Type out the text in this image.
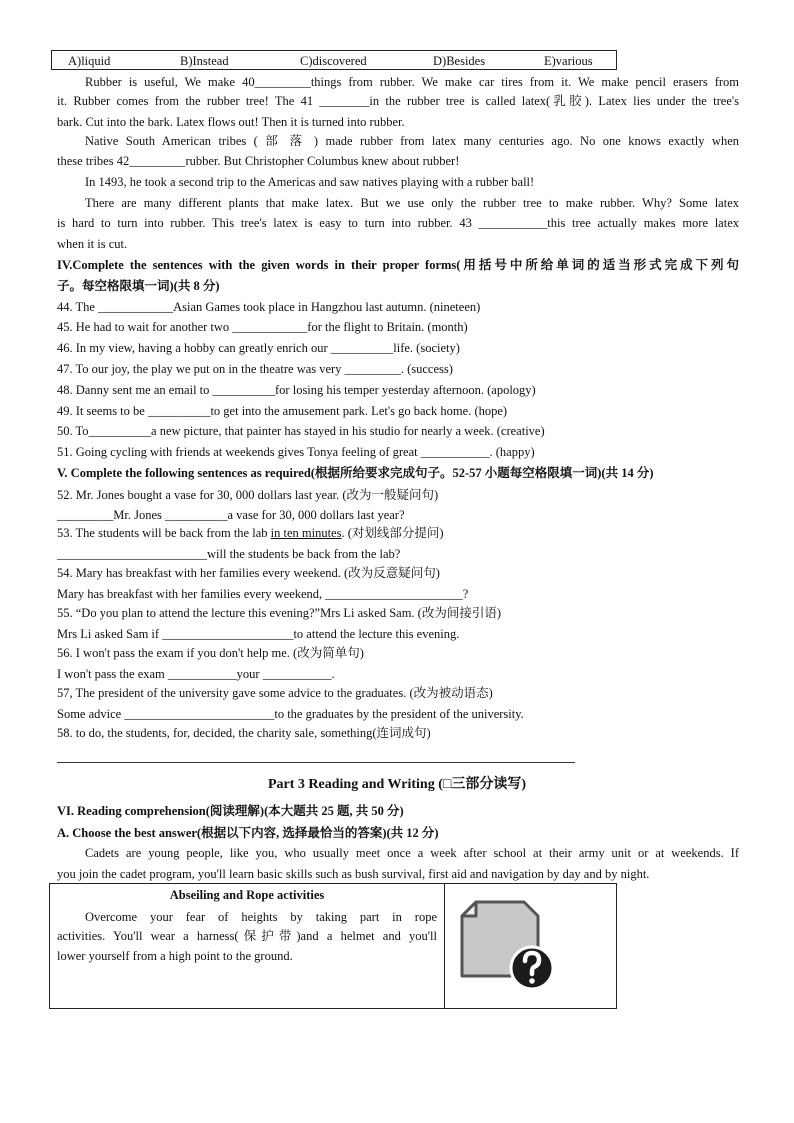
A)liquid	B)Instead	C)discovered	D)Besides	E)various
Rubber is useful, We make 40_________things from rubber. We make car tires from it. We make pencil erasers from
it. Rubber comes from the rubber tree! The 41 ________in the rubber tree is called latex(乳胶). Latex lies under the tree's
bark. Cut into the bark. Latex flows out! Then it is turned into rubber.
Native South American tribes ( 部 落 ) made rubber from latex many centuries ago. No one knows exactly when
these tribes 42_________rubber. But Christopher Columbus knew about rubber!
In 1493, he took a second trip to the Americas and saw natives playing with a rubber ball!
There are many different plants that make latex. But we use only the rubber tree to make rubber. Why? Some latex
is hard to turn into rubber. This tree's latex is easy to turn into rubber. 43 ___________this tree actually makes more latex
when it is cut.
IV.Complete the sentences with the given words in their proper forms(用括号中所给单词的适当形式完成下列句
子。每空格限填一词)(共 8 分)
44. The ____________Asian Games took place in Hangzhou last autumn. (nineteen)
45. He had to wait for another two ____________for the flight to Britain. (month)
46. In my view, having a hobby can greatly enrich our __________life. (society)
47. To our joy, the play we put on in the theatre was very _________. (success)
48. Danny sent me an email to __________for losing his temper yesterday afternoon. (apology)
49. It seems to be __________to get into the amusement park. Let's go back home. (hope)
50. To__________a new picture, that painter has stayed in his studio for nearly a week. (creative)
51. Going cycling with friends at weekends gives Tonya feeling of great ___________. (happy)
V. Complete the following sentences as required(根据所给要求完成句子。52-57 小题每空格限填一词)(共 14 分)
52. Mr. Jones bought a vase for 30, 000 dollars last year. (改为一般疑问句)
_________Mr. Jones __________a vase for 30, 000 dollars last year?
53. The students will be back from the lab in ten minutes. (对划线部分提问)
________________________will the students be back from the lab?
54. Mary has breakfast with her families every weekend. (改为反意疑问句)
Mary has breakfast with her families every weekend, ______________________?
55. “Do you plan to attend the lecture this evening?”Mrs Li asked Sam. (改为间接引语)
Mrs Li asked Sam if _____________________to attend the lecture this evening.
56. I won't pass the exam if you don't help me. (改为简单句)
I won't pass the exam ___________your ___________.
57, The president of the university gave some advice to the graduates. (改为被动语态)
Some advice ________________________to the graduates by the president of the university.
58. to do, the students, for, decided, the charity sale, something(连词成句)
Part 3 Reading and Writing (□三部分读写)
VI. Reading comprehension(阅读理解)(本大题共 25 题, 共 50 分)
A. Choose the best answer(根据以下内容, 选择最恰当的答案)(共 12 分)
Cadets are young people, like you, who usually meet once a week after school at their army unit or at weekends. If
you join the cadet program, you'll learn basic skills such as bush survival, first aid and navigation by day and by night.
Abseiling and Rope activities
Overcome your fear of heights by taking part in rope
activities. You'll wear a harness(保护带)and a helmet and you'll
lower yourself from a high point to the ground.
